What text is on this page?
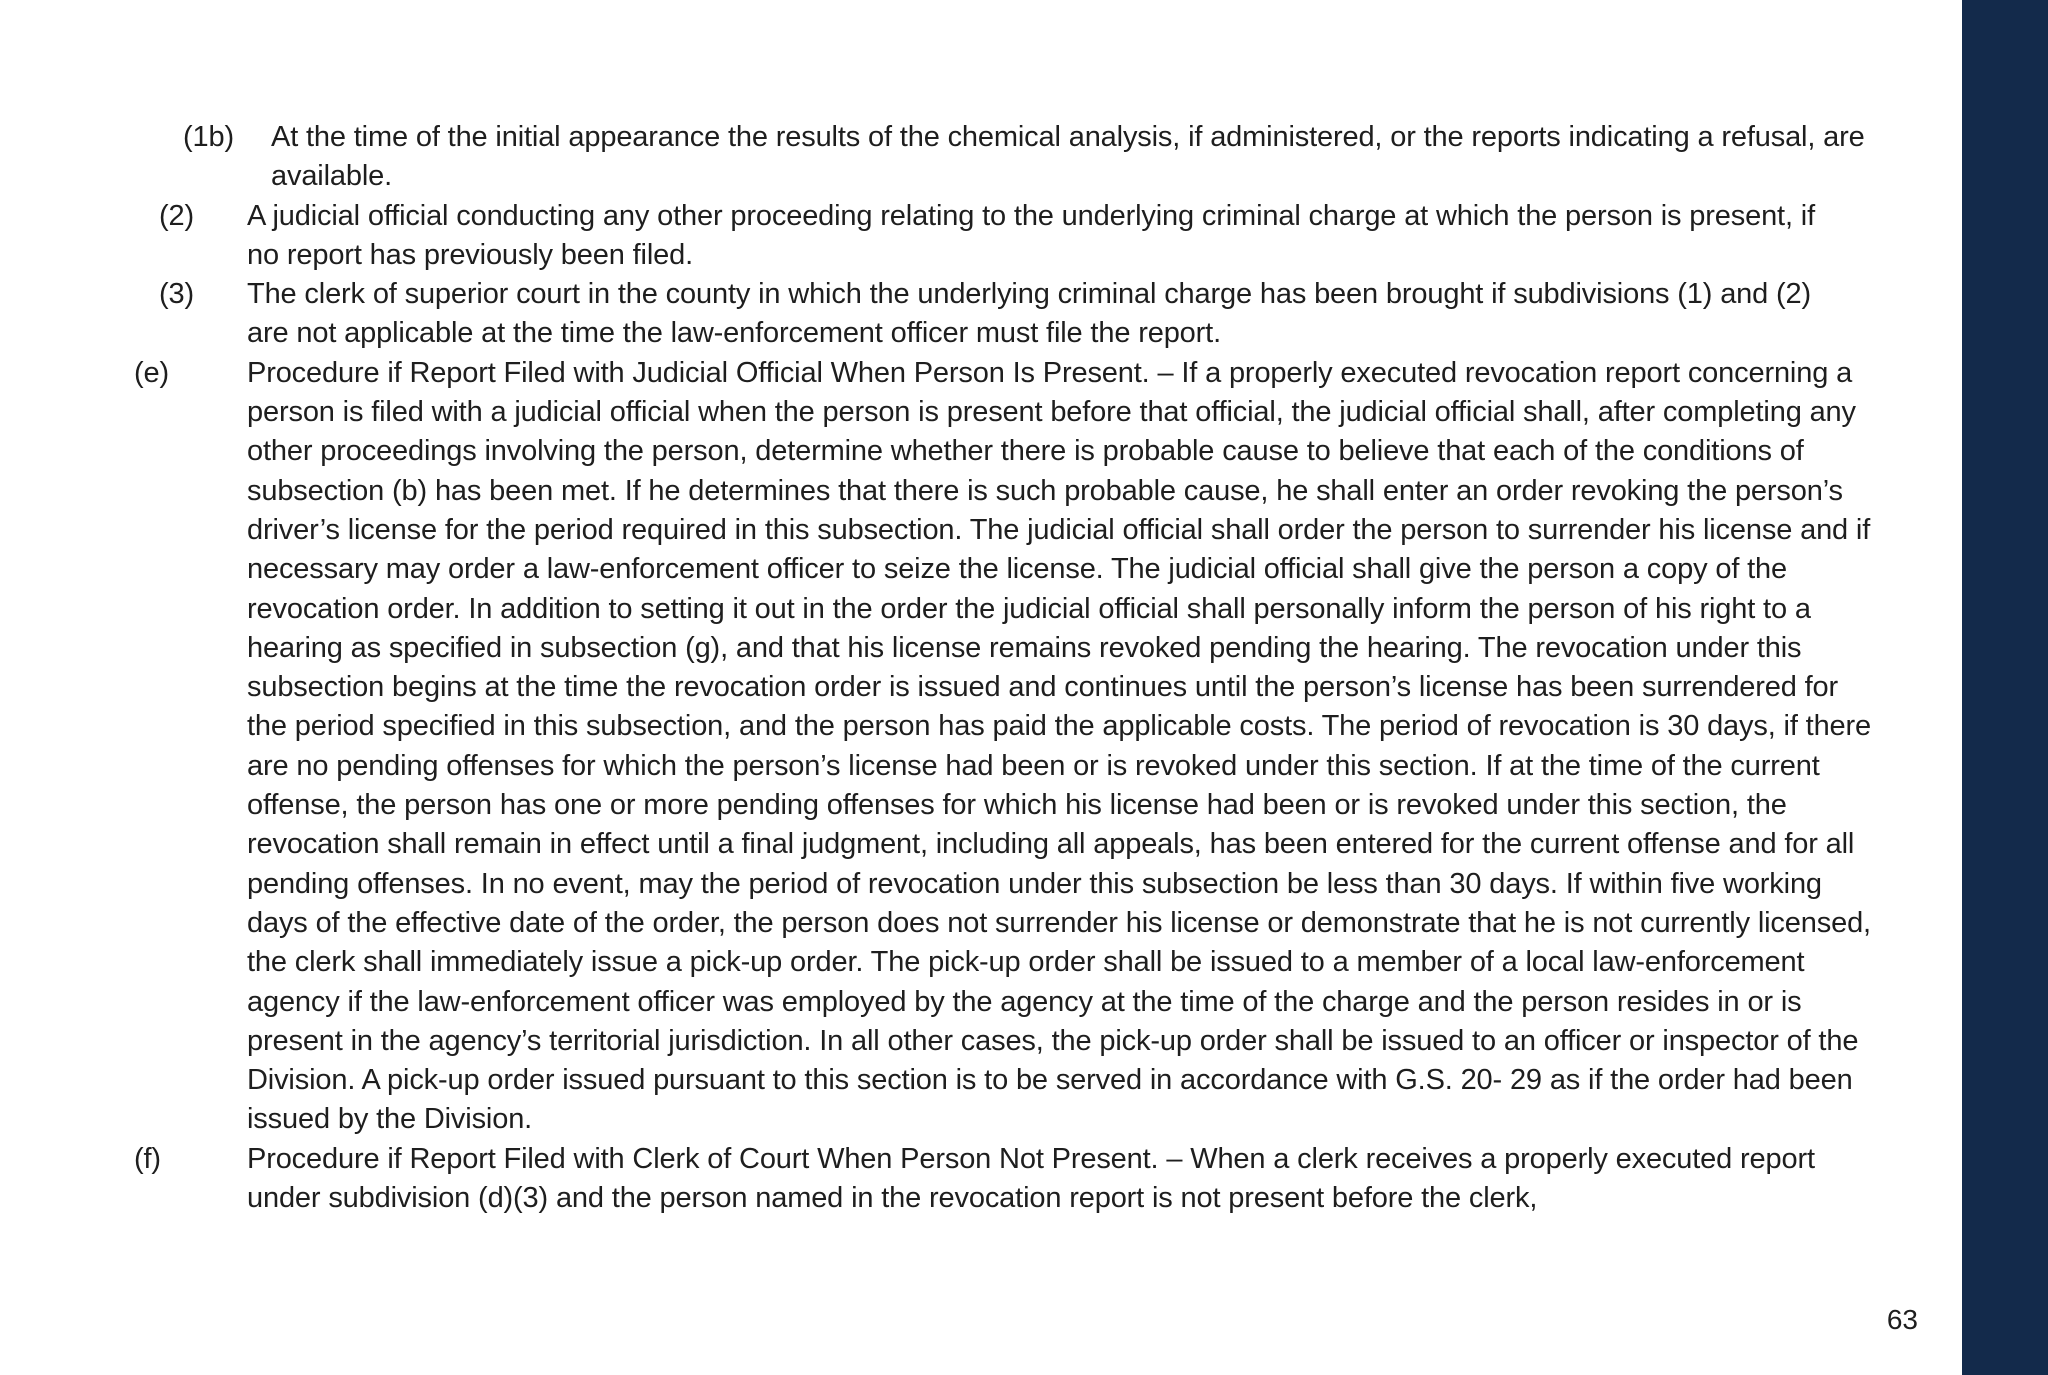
(1b) At the time of the initial appearance the results of the chemical analysis, if administered, or the reports indicating a refusal, are available.
(2) A judicial official conducting any other proceeding relating to the underlying criminal charge at which the person is present, if no report has previously been filed.
(3) The clerk of superior court in the county in which the underlying criminal charge has been brought if subdivisions (1) and (2) are not applicable at the time the law-enforcement officer must file the report.
(e)	Procedure if Report Filed with Judicial Official When Person Is Present. – If a properly executed revocation report concerning a person is filed with a judicial official when the person is present before that official, the judicial official shall, after completing any other proceedings involving the person, determine whether there is probable cause to believe that each of the conditions of subsection (b) has been met. If he determines that there is such probable cause, he shall enter an order revoking the person’s driver’s license for the period required in this subsection. The judicial official shall order the person to surrender his license and if necessary may order a law-enforcement officer to seize the license. The judicial official shall give the person a copy of the revocation order. In addition to setting it out in the order the judicial official shall personally inform the person of his right to a hearing as specified in subsection (g), and that his license remains revoked pending the hearing. The revocation under this subsection begins at the time the revocation order is issued and continues until the person’s license has been surrendered for the period specified in this subsection, and the person has paid the applicable costs. The period of revocation is 30 days, if there are no pending offenses for which the person’s license had been or is revoked under this section. If at the time of the current offense, the person has one or more pending offenses for which his license had been or is revoked under this section, the revocation shall remain in effect until a final judgment, including all appeals, has been entered for the current offense and for all pending offenses. In no event, may the period of revocation under this subsection be less than 30 days. If within five working days of the effective date of the order, the person does not surrender his license or demonstrate that he is not currently licensed, the clerk shall immediately issue a pick-up order. The pick-up order shall be issued to a member of a local law-enforcement agency if the law-enforcement officer was employed by the agency at the time of the charge and the person resides in or is present in the agency’s territorial jurisdiction. In all other cases, the pick-up order shall be issued to an officer or inspector of the Division. A pick-up order issued pursuant to this section is to be served in accordance with G.S. 20- 29 as if the order had been issued by the Division.
(f)	Procedure if Report Filed with Clerk of Court When Person Not Present. – When a clerk receives a properly executed report under subdivision (d)(3) and the person named in the revocation report is not present before the clerk,
63
